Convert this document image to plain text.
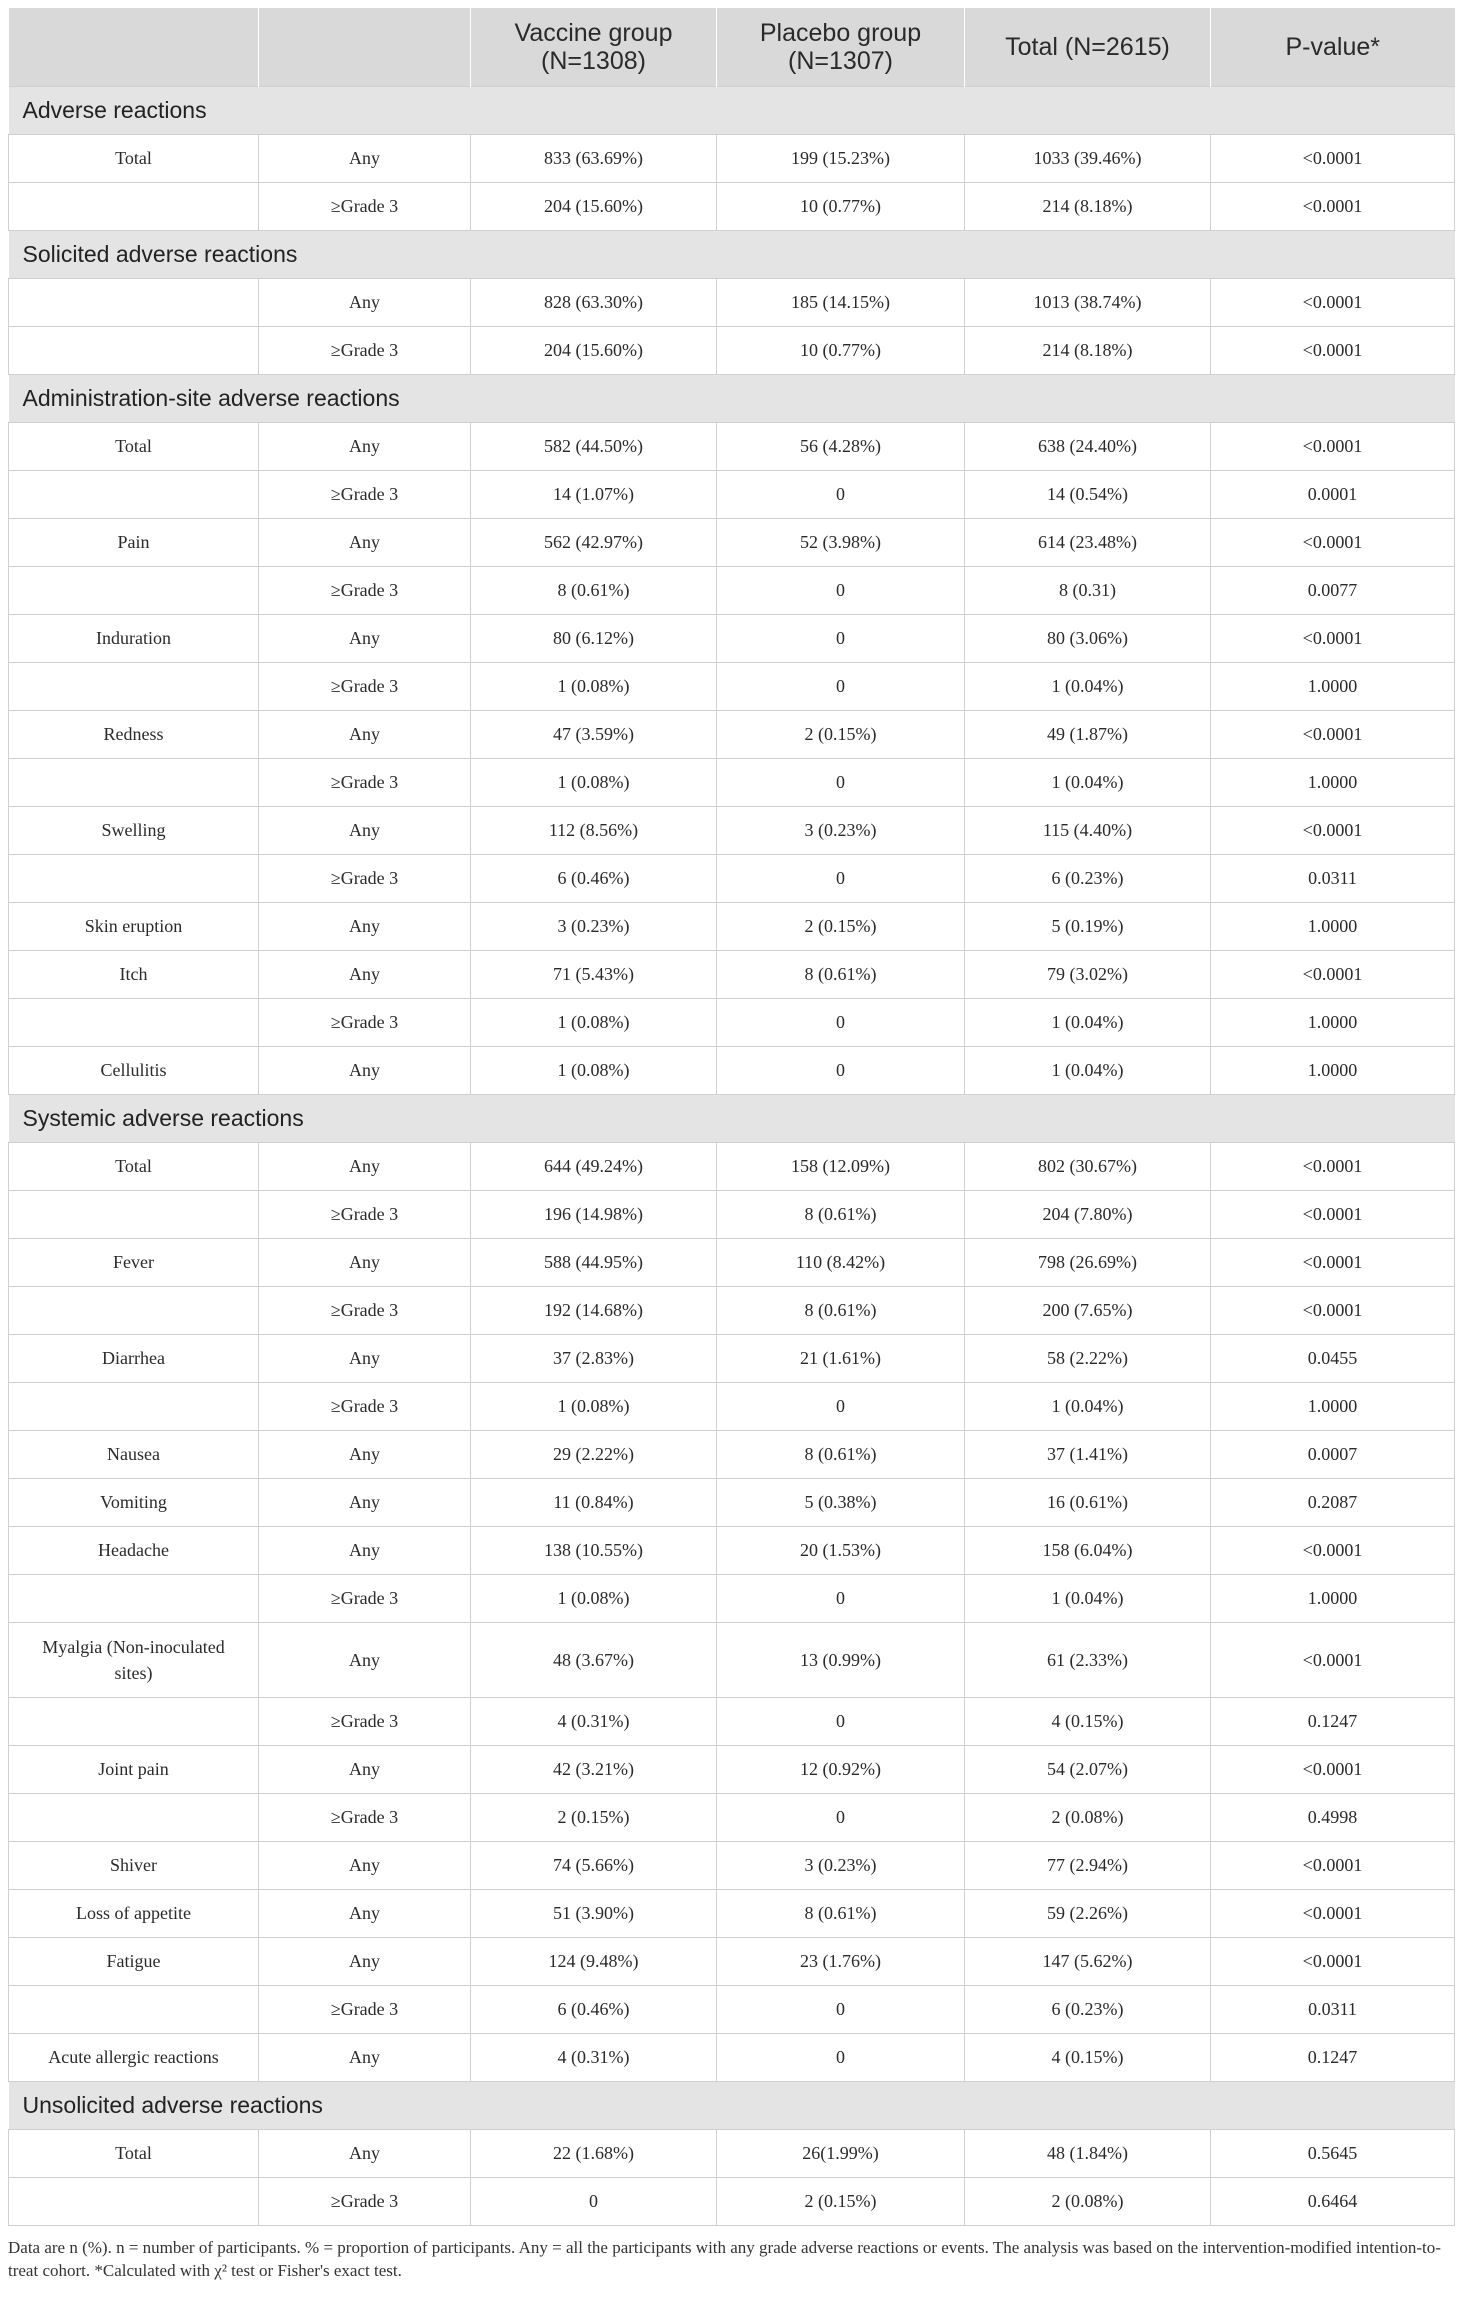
		Vaccine group (N=1308)	Placebo group (N=1307)	Total (N=2615)	P-value*
Adverse reactions					
Total	Any	833 (63.69%)	199 (15.23%)	1033 (39.46%)	<0.0001
	≥Grade 3	204 (15.60%)	10 (0.77%)	214 (8.18%)	<0.0001
Solicited adverse reactions					
	Any	828 (63.30%)	185 (14.15%)	1013 (38.74%)	<0.0001
	≥Grade 3	204 (15.60%)	10 (0.77%)	214 (8.18%)	<0.0001
Administration-site adverse reactions					
Total	Any	582 (44.50%)	56 (4.28%)	638 (24.40%)	<0.0001
	≥Grade 3	14 (1.07%)	0	14 (0.54%)	0.0001
Pain	Any	562 (42.97%)	52 (3.98%)	614 (23.48%)	<0.0001
	≥Grade 3	8 (0.61%)	0	8 (0.31)	0.0077
Induration	Any	80 (6.12%)	0	80 (3.06%)	<0.0001
	≥Grade 3	1 (0.08%)	0	1 (0.04%)	1.0000
Redness	Any	47 (3.59%)	2 (0.15%)	49 (1.87%)	<0.0001
	≥Grade 3	1 (0.08%)	0	1 (0.04%)	1.0000
Swelling	Any	112 (8.56%)	3 (0.23%)	115 (4.40%)	<0.0001
	≥Grade 3	6 (0.46%)	0	6 (0.23%)	0.0311
Skin eruption	Any	3 (0.23%)	2 (0.15%)	5 (0.19%)	1.0000
Itch	Any	71 (5.43%)	8 (0.61%)	79 (3.02%)	<0.0001
	≥Grade 3	1 (0.08%)	0	1 (0.04%)	1.0000
Cellulitis	Any	1 (0.08%)	0	1 (0.04%)	1.0000
Systemic adverse reactions					
Total	Any	644 (49.24%)	158 (12.09%)	802 (30.67%)	<0.0001
	≥Grade 3	196 (14.98%)	8 (0.61%)	204 (7.80%)	<0.0001
Fever	Any	588 (44.95%)	110 (8.42%)	798 (26.69%)	<0.0001
	≥Grade 3	192 (14.68%)	8 (0.61%)	200 (7.65%)	<0.0001
Diarrhea	Any	37 (2.83%)	21 (1.61%)	58 (2.22%)	0.0455
	≥Grade 3	1 (0.08%)	0	1 (0.04%)	1.0000
Nausea	Any	29 (2.22%)	8 (0.61%)	37 (1.41%)	0.0007
Vomiting	Any	11 (0.84%)	5 (0.38%)	16 (0.61%)	0.2087
Headache	Any	138 (10.55%)	20 (1.53%)	158 (6.04%)	<0.0001
	≥Grade 3	1 (0.08%)	0	1 (0.04%)	1.0000
Myalgia (Non-inoculated sites)	Any	48 (3.67%)	13 (0.99%)	61 (2.33%)	<0.0001
	≥Grade 3	4 (0.31%)	0	4 (0.15%)	0.1247
Joint pain	Any	42 (3.21%)	12 (0.92%)	54 (2.07%)	<0.0001
	≥Grade 3	2 (0.15%)	0	2 (0.08%)	0.4998
Shiver	Any	74 (5.66%)	3 (0.23%)	77 (2.94%)	<0.0001
Loss of appetite	Any	51 (3.90%)	8 (0.61%)	59 (2.26%)	<0.0001
Fatigue	Any	124 (9.48%)	23 (1.76%)	147 (5.62%)	<0.0001
	≥Grade 3	6 (0.46%)	0	6 (0.23%)	0.0311
Acute allergic reactions	Any	4 (0.31%)	0	4 (0.15%)	0.1247
Unsolicited adverse reactions					
Total	Any	22 (1.68%)	26(1.99%)	48 (1.84%)	0.5645
	≥Grade 3	0	2 (0.15%)	2 (0.08%)	0.6464
Data are n (%). n = number of participants. % = proportion of participants. Any = all the participants with any grade adverse reactions or events. The analysis was based on the intervention-modified intention-to-treat cohort. *Calculated with χ² test or Fisher's exact test.
